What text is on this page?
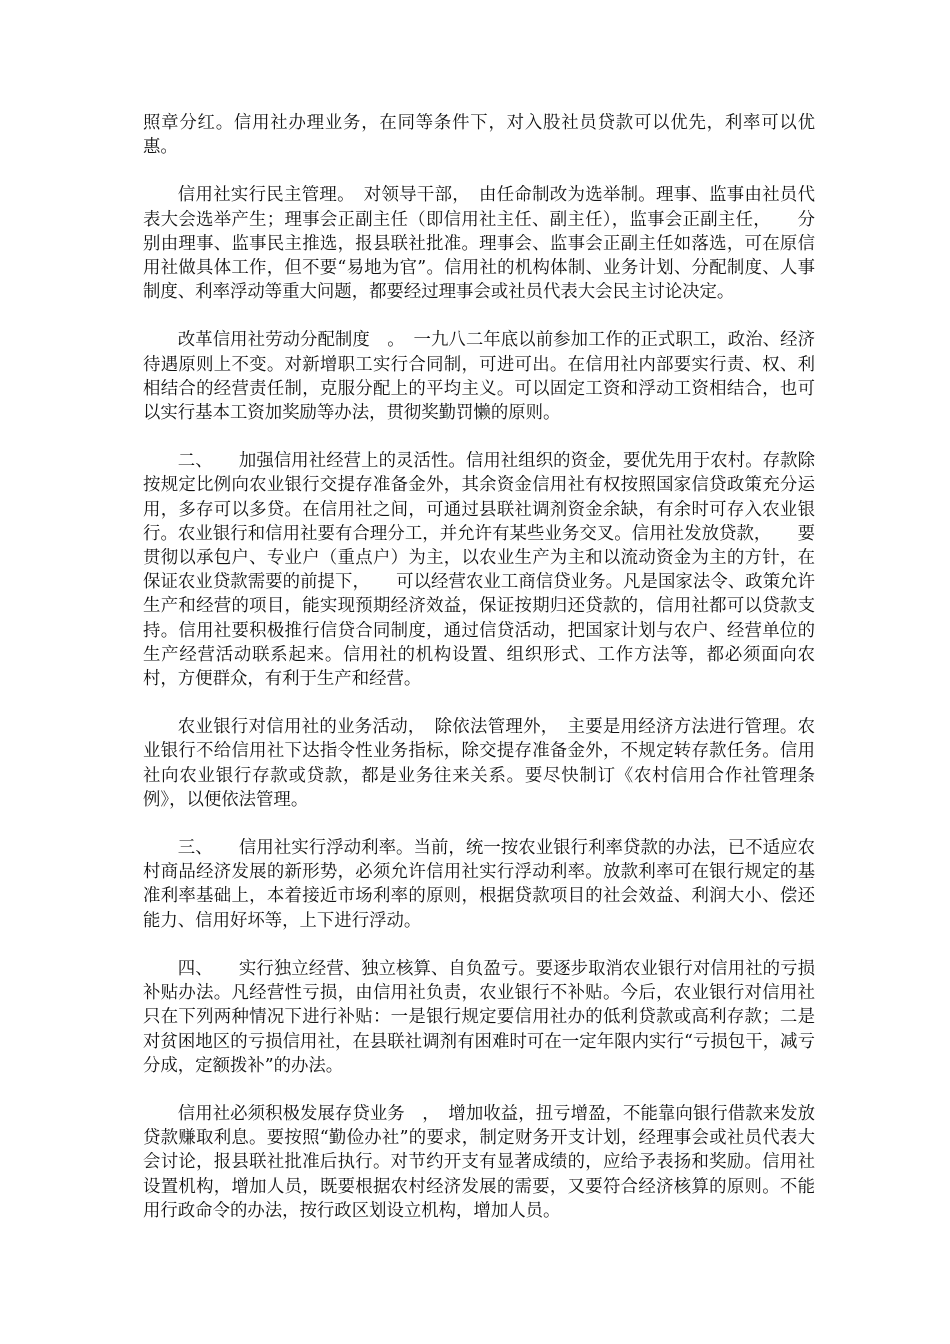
照章分红。信用社办理业务，在同等条件下，对入股社员贷款可以优先，利率可以优惠。

信用社实行民主管理。　对领导干部，　由任命制改为选举制。理事、监事由社员代表大会选举产生；理事会正副主任（即信用社主任、副主任），监事会正副主任，　　分别由理事、监事民主推选，报县联社批准。理事会、监事会正副主任如落选，可在原信用社做具体工作，但不要“易地为官”。信用社的机构体制、业务计划、分配制度、人事制度、利率浮动等重大问题，都要经过理事会或社员代表大会民主讨论决定。

改革信用社劳动分配制度　。　一九八二年底以前参加工作的正式职工，政治、经济待遇原则上不变。对新增职工实行合同制，可进可出。在信用社内部要实行责、权、利相结合的经营责任制，克服分配上的平均主义。可以固定工资和浮动工资相结合，也可以实行基本工资加奖励等办法，贯彻奖勤罚懒的原则。

二、　　加强信用社经营上的灵活性。信用社组织的资金，要优先用于农村。存款除按规定比例向农业银行交提存准备金外，其余资金信用社有权按照国家信贷政策充分运用，多存可以多贷。在信用社之间，可通过县联社调剂资金余缺，有余时可存入农业银行。农业银行和信用社要有合理分工，并允许有某些业务交叉。信用社发放贷款，　　要贯彻以承包户、专业户（重点户）为主，以农业生产为主和以流动资金为主的方针，在保证农业贷款需要的前提下，　　可以经营农业工商信贷业务。凡是国家法令、政策允许生产和经营的项目，能实现预期经济效益，保证按期归还贷款的，信用社都可以贷款支持。信用社要积极推行信贷合同制度，通过信贷活动，把国家计划与农户、经营单位的生产经营活动联系起来。信用社的机构设置、组织形式、工作方法等，都必须面向农村，方便群众，有利于生产和经营。

农业银行对信用社的业务活动，　除依法管理外，　主要是用经济方法进行管理。农业银行不给信用社下达指令性业务指标，除交提存准备金外，不规定转存款任务。信用社向农业银行存款或贷款，都是业务往来关系。要尽快制订《农村信用合作社管理条例》，以便依法管理。

三、　　信用社实行浮动利率。当前，统一按农业银行利率贷款的办法，已不适应农村商品经济发展的新形势，必须允许信用社实行浮动利率。放款利率可在银行规定的基准利率基础上，本着接近市场利率的原则，根据贷款项目的社会效益、利润大小、偿还能力、信用好坏等，上下进行浮动。

四、　　实行独立经营、独立核算、自负盈亏。要逐步取消农业银行对信用社的亏损补贴办法。凡经营性亏损，由信用社负责，农业银行不补贴。今后，农业银行对信用社只在下列两种情况下进行补贴：一是银行规定要信用社办的低利贷款或高利存款；二是对贫困地区的亏损信用社，在县联社调剂有困难时可在一定年限内实行“亏损包干，减亏分成，定额拨补”的办法。

信用社必须积极发展存贷业务　，　增加收益，扭亏增盈，不能靠向银行借款来发放贷款赚取利息。要按照“勤俭办社”的要求，制定财务开支计划，经理事会或社员代表大会讨论，报县联社批准后执行。对节约开支有显著成绩的，应给予表扬和奖励。信用社设置机构，增加人员，既要根据农村经济发展的需要，又要符合经济核算的原则。不能用行政命令的办法，按行政区划设立机构，增加人员。
